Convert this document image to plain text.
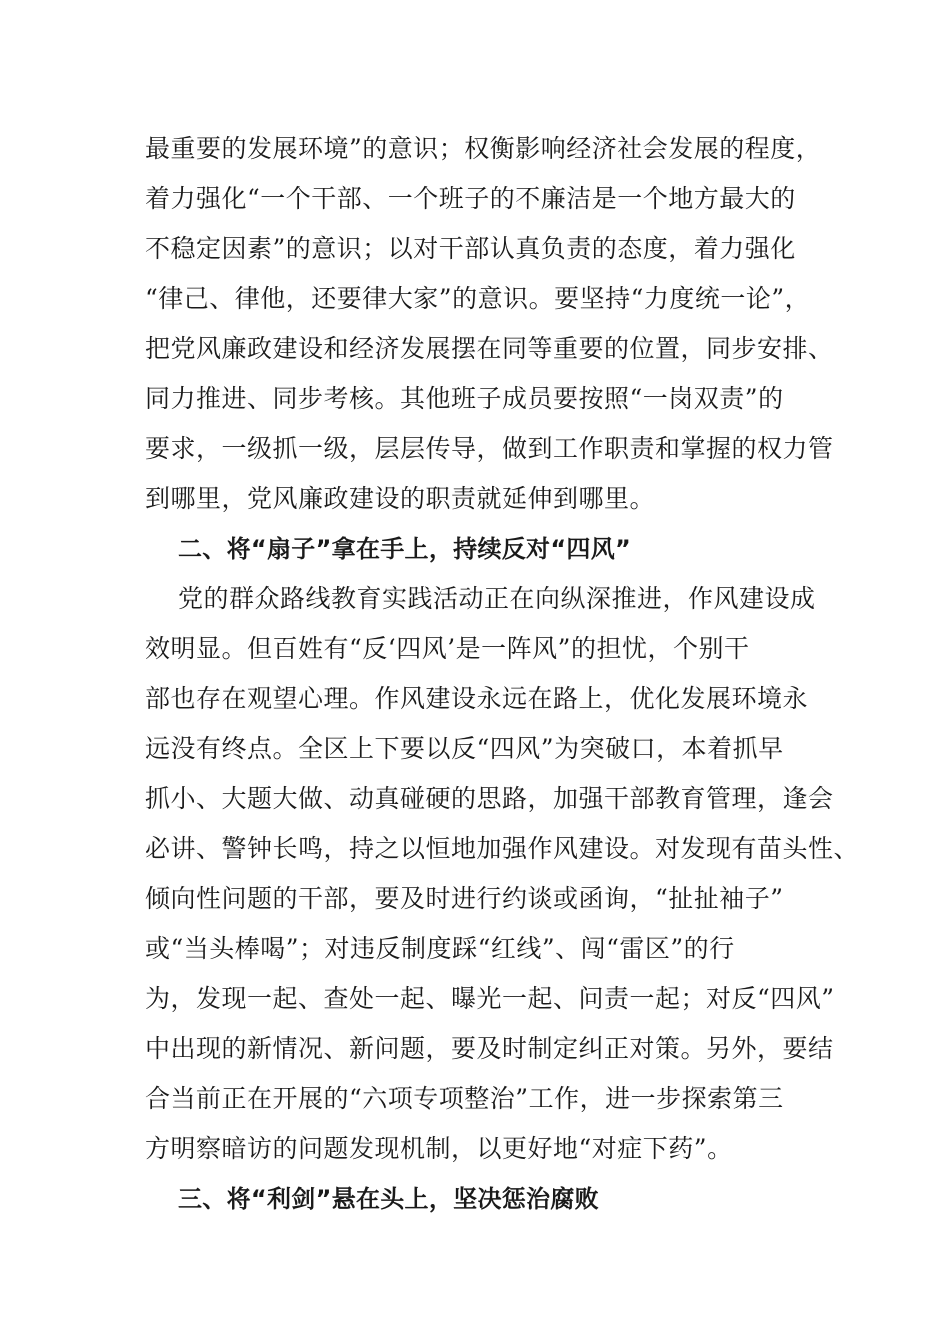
最重要的发展环境”的意识；权衡影响经济社会发展的程度，
着力强化“一个干部、一个班子的不廉洁是一个地方最大的
不稳定因素”的意识；以对干部认真负责的态度，着力强化
“律己、律他，还要律大家”的意识。要坚持“力度统一论”，
把党风廉政建设和经济发展摆在同等重要的位置，同步安排、
同力推进、同步考核。其他班子成员要按照“一岗双责”的
要求，一级抓一级，层层传导，做到工作职责和掌握的权力管
到哪里，党风廉政建设的职责就延伸到哪里。
二、将“扇子”拿在手上，持续反对“四风”
党的群众路线教育实践活动正在向纵深推进，作风建设成
效明显。但百姓有“反‘四风’是一阵风”的担忧，个别干
部也存在观望心理。作风建设永远在路上，优化发展环境永
远没有终点。全区上下要以反“四风”为突破口，本着抓早
抓小、大题大做、动真碰硬的思路，加强干部教育管理，逢会
必讲、警钟长鸣，持之以恒地加强作风建设。对发现有苗头性、
倾向性问题的干部，要及时进行约谈或函询，“扯扯袖子”
或“当头棒喝”；对违反制度踩“红线”、闯“雷区”的行
为，发现一起、查处一起、曝光一起、问责一起；对反“四风”
中出现的新情况、新问题，要及时制定纠正对策。另外，要结
合当前正在开展的“六项专项整治”工作，进一步探索第三
方明察暗访的问题发现机制，以更好地“对症下药”。
三、将“利剑”悬在头上，坚决惩治腐败
